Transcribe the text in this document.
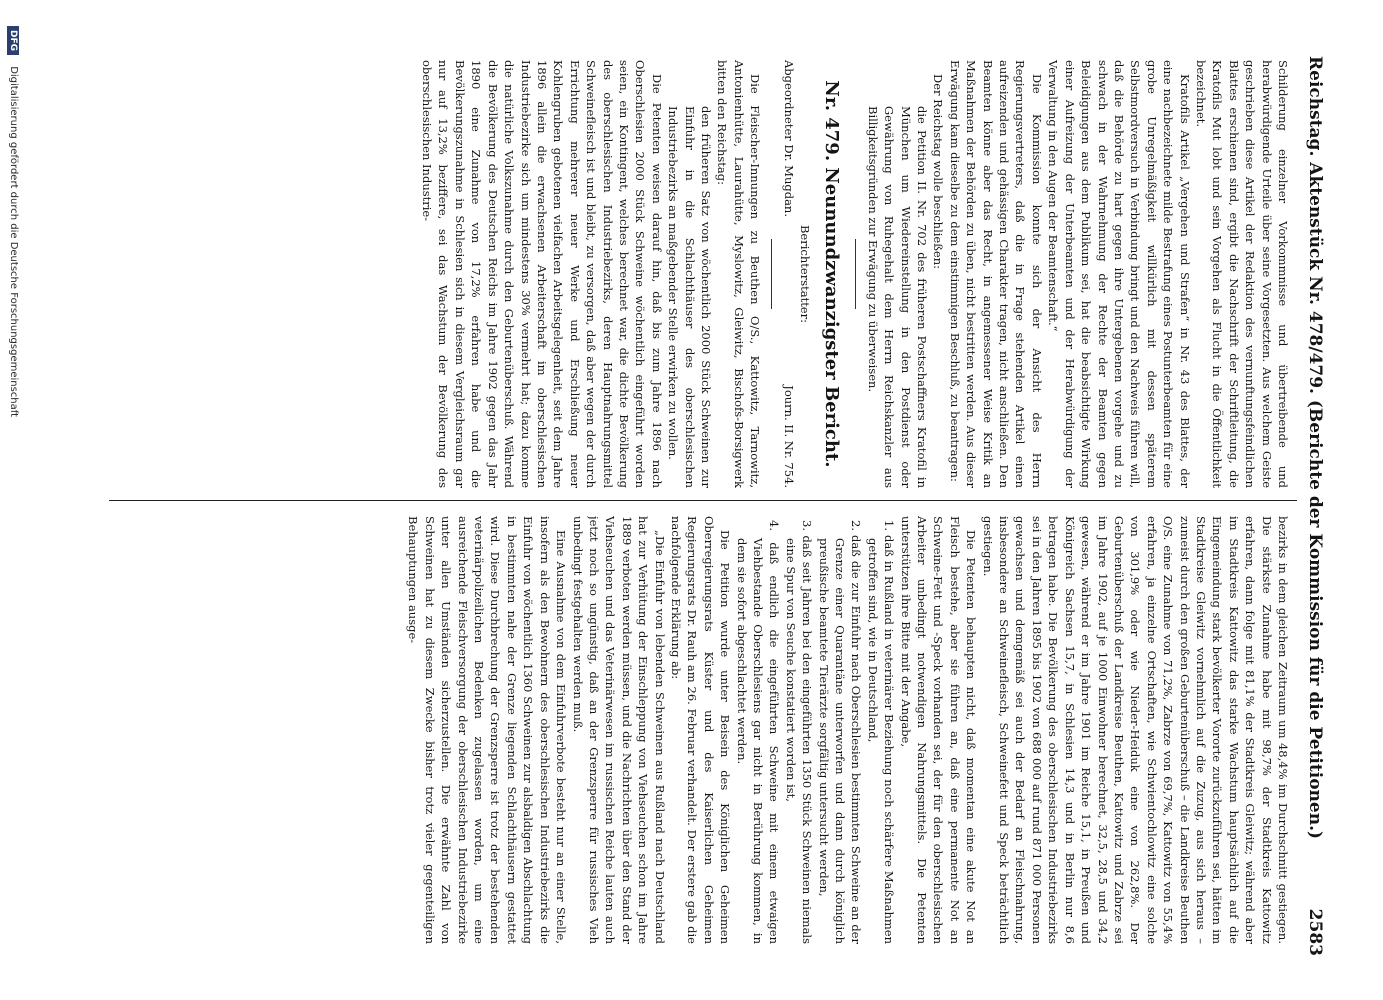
Reichstag. Aktenstück Nr. 478/479. (Berichte der Kommission für die Petitionen.)
2583

Schilderung einzelner Vorkommnisse und übertreibende und herabwürdigende Urteile über seine Vorgesetzten. Aus welchem Geiste geschrieben diese Artikel der Redaktion des vernunftungsfeindlichen Blattes erschienen sind, ergibt die Nachschrift der Schriftleitung, die Kratofils Mut lobt und sein Vorgehen als Flucht in die Öffentlichkeit bezeichnet.

Kratofils Artikel „Vergehen und Strafen“ in Nr. 43 des Blattes, der eine nachbezeichnete milde Bestrafung eines Postunterbeamten für eine grobe Unregelmäßigkeit willkürlich mit dessen späterem Selbstmordversuch in Verbindung bringt und den Nachweis führen will, daß die Behörde zu hart gegen ihre Untergebenen vorgehe und zu schwach in der Wahrnehmung der Rechte der Beamten gegen Beleidigungen aus dem Publikum sei, hat die beabsichtigte Wirkung einer Aufreizung der Unterbeamten und der Herabwürdigung der Verwaltung in den Augen der Beamtenschaft.“

Die Kommission konnte sich der Ansicht des Herrn Regierungsvertreters, daß die in Frage stehenden Artikel einen aufreizenden und gehässigen Charakter tragen, nicht anschließen. Den Beamten könne aber das Recht, in angemessener Weise Kritik an Maßnahmen der Behörden zu üben, nicht bestritten werden. Aus dieser Erwägung kam dieselbe zu dem einstimmigen Beschluß, zu beantragen:

Der Reichstag wolle beschließen:

die Petition II. Nr. 702 des früheren Postschaffners Kratofil in München um Wiedereinstellung in den Postdienst oder Gewährung von Ruhegehalt dem Herrn Reichskanzler aus Billigkeitsgründen zur Erwägung zu überweisen.

Nr. 479. Neunundzwanzigster Bericht.

Berichterstatter:

Abgeordneter Dr. Mugdan.
Journ. II. Nr. 754.

Die Fleischer-Innungen zu Beuthen O/S., Kattowitz, Tarnowitz, Antonienhütte, Laurahütte, Myslowitz, Gleiwitz, Bischofs-Borsigwerk bitten den Reichstag:

den früheren Satz von wöchentlich 2000 Stück Schweinen zur Einfuhr in die Schlachthäuser des oberschlesischen Industriebezirks an maßgebender Stelle erwirken zu wollen.

Die Petenten weisen darauf hin, daß bis zum Jahre 1896 nach Oberschlesien 2000 Stück Schweine wöchentlich eingeführt worden seien, ein Kontingent, welches berechnet war, die dichte Bevölkerung des oberschlesischen Industriebezirks, deren Hauptnahrungsmittel Schweinefleisch ist und bleibt, zu versorgen, daß aber wegen der durch Errichtung mehrerer neuer Werke und Erschließung neuer Kohlengruben gebotenen vielfachen Arbeitsgelegenheit, seit dem Jahre 1896 allein die erwachsenen Arbeiterschaft im oberschlesischen Industriebezirke sich um mindestens 30% vermehrt hat; dazu komme die natürliche Volkszunahme durch den Geburtenüberschuß. Während die Bevölkerung des Deutschen Reichs im Jahre 1902 gegen das Jahr 1890 eine Zunahme von 17,2% erfahren habe und die Bevölkerungszunahme in Schlesien sich in diesem Vergleichsraum gar nur auf 13,2% beziffere, sei das Wachstum der Bevölkerung des oberschlesischen Industrie-

bezirks in dem gleichen Zeitraum um 48,4% im Durchschnitt gestiegen. Die stärkste Zunahme habe mit 98,7% der Stadtkreis Kattowitz erfahren, dann folge mit 81,1% der Stadtkreis Gleiwitz; während aber im Stadtkreis Kattowitz das starke Wachstum hauptsächlich auf die Eingemeindung stark bevölkerter Vororte zurückzuführen sei, hätten im Stadtkreise Gleiwitz vornehmlich auf die Zuzug, aus sich heraus – zumeist durch den großen Geburtenüberschuß – die Landkreise Beuthen O/S. eine Zunahme von 71,2%, Zabrze von 69,7%, Kattowitz von 55,4% erfahren, ja einzelne Ortschaften, wie Schwientochlowitz eine solche von 301,9% oder wie Nieder-Heiduk eine von 262,8%. Der Geburtenüberschuß der Landkreise Beuthen, Kattowitz und Zabrze sei im Jahre 1902, auf je 1000 Einwohner berechnet, 32,5, 28,5 und 34,2 gewesen, während er im Jahre 1901 im Reiche 15,1, in Preußen und Königreich Sachsen 15,7, in Schlesien 14,3 und in Berlin nur 8,6 betragen habe. Die Bevölkerung des oberschlesischen Industriebezirks sei in den Jahren 1895 bis 1902 von 688 000 auf rund 871 000 Personen gewachsen und demgemäß sei auch der Bedarf an Fleischnahrung, insbesondere an Schweinefleisch, Schweinefett und Speck beträchtlich gestiegen.

Die Petenten behaupten nicht, daß momentan eine akute Not an Fleisch bestehe, aber sie führen an, daß eine permanente Not an Schweine-Fett und -Speck vorhanden sei, der für den oberschlesischen Arbeiter unbedingt notwendigen Nahrungsmittels. Die Petenten unterstützen ihre Bitte mit der Angabe,

1. daß in Rußland in veterinärer Beziehung noch schärfere Maßnahmen getroffen sind, wie in Deutschland,

2. daß die zur Einfuhr nach Oberschlesien bestimmten Schweine an der Grenze einer Quarantäne unterworfen und dann durch königlich preußische beamtete Tierärzte sorgfältig untersucht werden,

3. daß seit Jahren bei den eingeführten 1350 Stück Schweinen niemals eine Spur von Seuche konstatiert worden ist,

4. daß endlich die eingeführten Schweine mit einem etwaigen Viehbestande Oberschlesiens gar nicht in Berührung kommen, in dem sie sofort abgeschlachtet werden.

Die Petition wurde unter Beisein des Königlichen Geheimen Oberregierungsrats Küster und des Kaiserlichen Geheimen Regierungsrats Dr. Rauh am 26. Februar verhandelt. Der erstere gab die nachfolgende Erklärung ab:

„Die Einfuhr von lebenden Schweinen aus Rußland nach Deutschland hat zur Verhütung der Einschleppung von Viehseuchen schon im Jahre 1889 verboten werden müssen, und die Nachrichten über den Stand der Viehseuchen und das Veterinärwesen im russischen Reiche lauten auch jetzt noch so ungünstig, daß an der Grenzsperre für russisches Vieh unbedingt festgehalten werden muß.

Eine Ausnahme von dem Einfuhrverbote besteht nur an einer Stelle, insofern als den Bewohnern des oberschlesischen Industriebezirks die Einfuhr von wöchentlich 1360 Schweinen zur alsbaldigen Abschlachtung in bestimmten nahe der Grenze liegenden Schlachthäusern gestattet wird. Diese Durchbrechung der Grenzsperre ist trotz der bestehenden veterinärpolizeilichen Bedenken zugelassen worden, um eine ausreichende Fleischversorgung der oberschlesischen Industriebezirke unter allen Umständen sicherzustellen. Die erwähnte Zahl von Schweinen hat zu diesem Zwecke bisher trotz vieler gegenteiligen Behauptungen ausge-

DFG Digitalisierung gefördert durch die Deutsche Forschungsgemeinschaft
